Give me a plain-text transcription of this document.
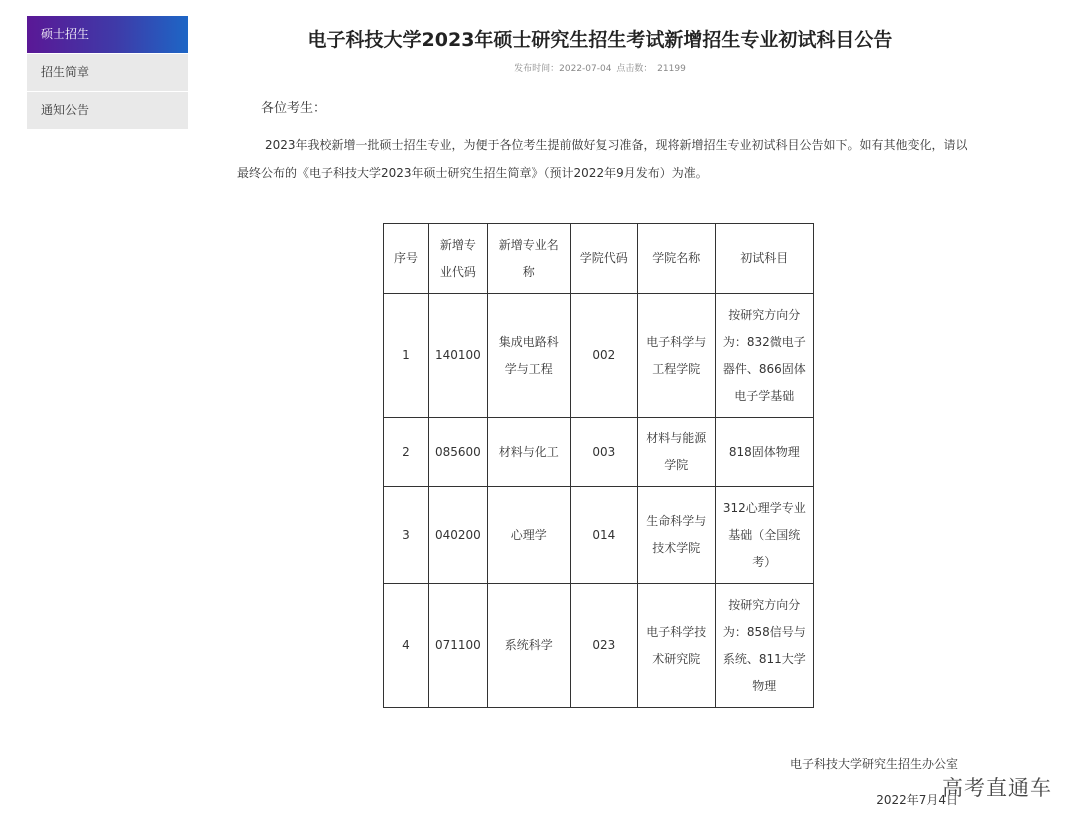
硕士招生
招生简章
通知公告
电子科技大学2023年硕士研究生招生考试新增招生专业初试科目公告
发布时间：2022-07-04 点击数： 21199
各位考生：

2023年我校新增一批硕士招生专业，为便于各位考生提前做好复习准备，现将新增招生专业初试科目公告如下。如有其他变化，请以最终公布的《电子科技大学2023年硕士研究生招生简章》（预计2022年9月发布）为准。

序号	新增专业代码	新增专业名称	学院代码	学院名称	初试科目
1	140100	集成电路科学与工程	002	电子科学与工程学院	按研究方向分为：832微电子器件、866固体电子学基础
2	085600	材料与化工	003	材料与能源学院	818固体物理
3	040200	心理学	014	生命科学与技术学院	312心理学专业基础（全国统考）
4	071100	系统科学	023	电子科学技术研究院	按研究方向分为：858信号与系统、811大学物理
电子科技大学研究生招生办公室
2022年7月4日
高考直通车
